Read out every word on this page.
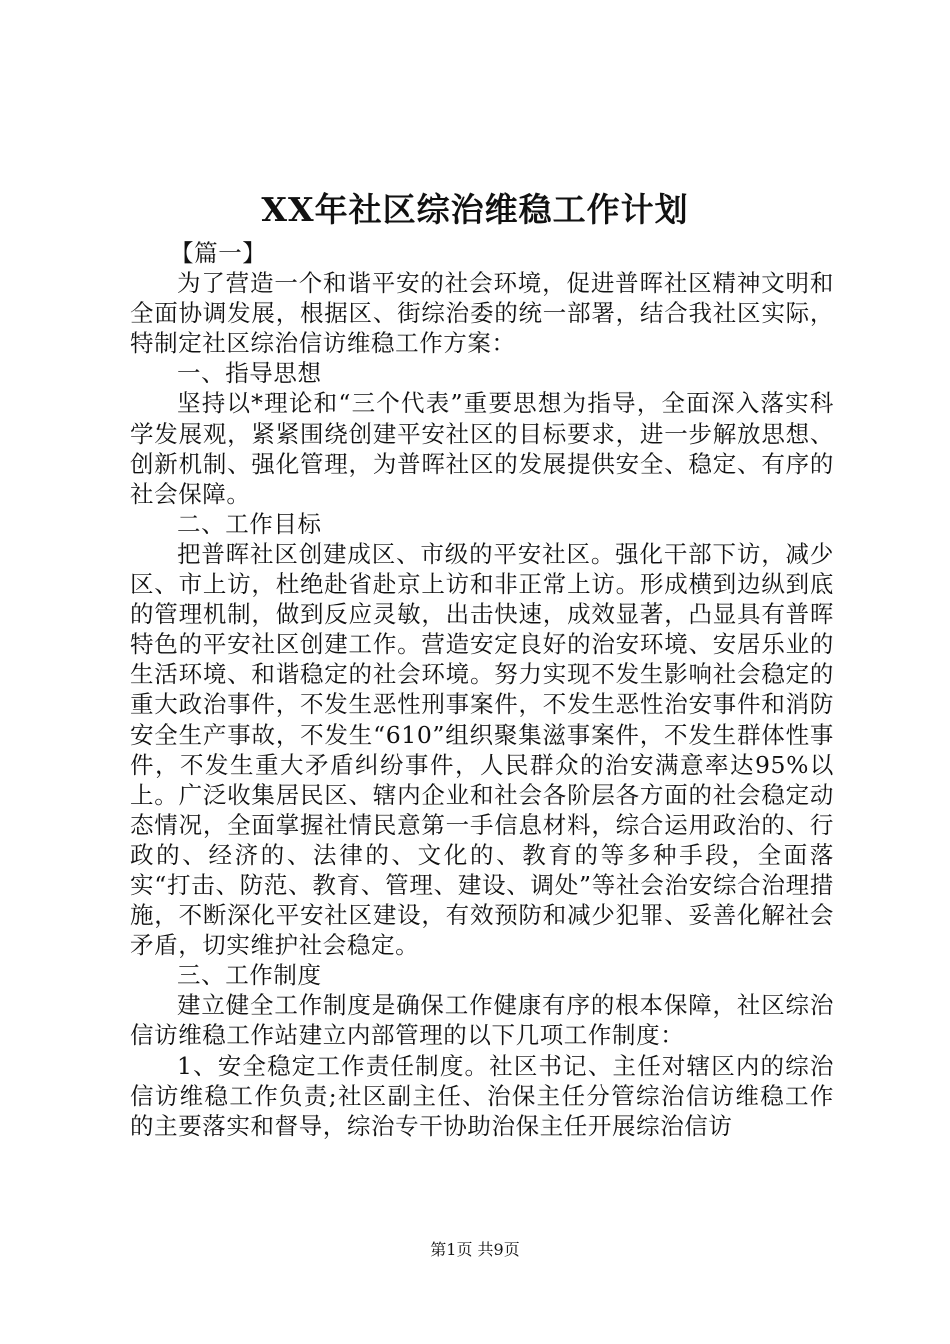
XX年社区综治维稳工作计划

【篇一】

为了营造一个和谐平安的社会环境，促进普晖社区精神文明和全面协调发展，根据区、街综治委的统一部署，结合我社区实际，特制定社区综治信访维稳工作方案：

一、指导思想

坚持以*理论和“三个代表”重要思想为指导，全面深入落实科学发展观，紧紧围绕创建平安社区的目标要求，进一步解放思想、创新机制、强化管理，为普晖社区的发展提供安全、稳定、有序的社会保障。

二、工作目标

把普晖社区创建成区、市级的平安社区。强化干部下访，减少区、市上访，杜绝赴省赴京上访和非正常上访。形成横到边纵到底的管理机制，做到反应灵敏，出击快速，成效显著，凸显具有普晖特色的平安社区创建工作。营造安定良好的治安环境、安居乐业的生活环境、和谐稳定的社会环境。努力实现不发生影响社会稳定的重大政治事件，不发生恶性刑事案件，不发生恶性治安事件和消防安全生产事故，不发生“610”组织聚集滋事案件，不发生群体性事件，不发生重大矛盾纠纷事件，人民群众的治安满意率达95%以上。广泛收集居民区、辖内企业和社会各阶层各方面的社会稳定动态情况，全面掌握社情民意第一手信息材料，综合运用政治的、行政的、经济的、法律的、文化的、教育的等多种手段，全面落实“打击、防范、教育、管理、建设、调处”等社会治安综合治理措施，不断深化平安社区建设，有效预防和减少犯罪、妥善化解社会矛盾，切实维护社会稳定。

三、工作制度

建立健全工作制度是确保工作健康有序的根本保障，社区综治信访维稳工作站建立内部管理的以下几项工作制度：

1、安全稳定工作责任制度。社区书记、主任对辖区内的综治信访维稳工作负责;社区副主任、治保主任分管综治信访维稳工作的主要落实和督导，综治专干协助治保主任开展综治信访

第1页 共9页
